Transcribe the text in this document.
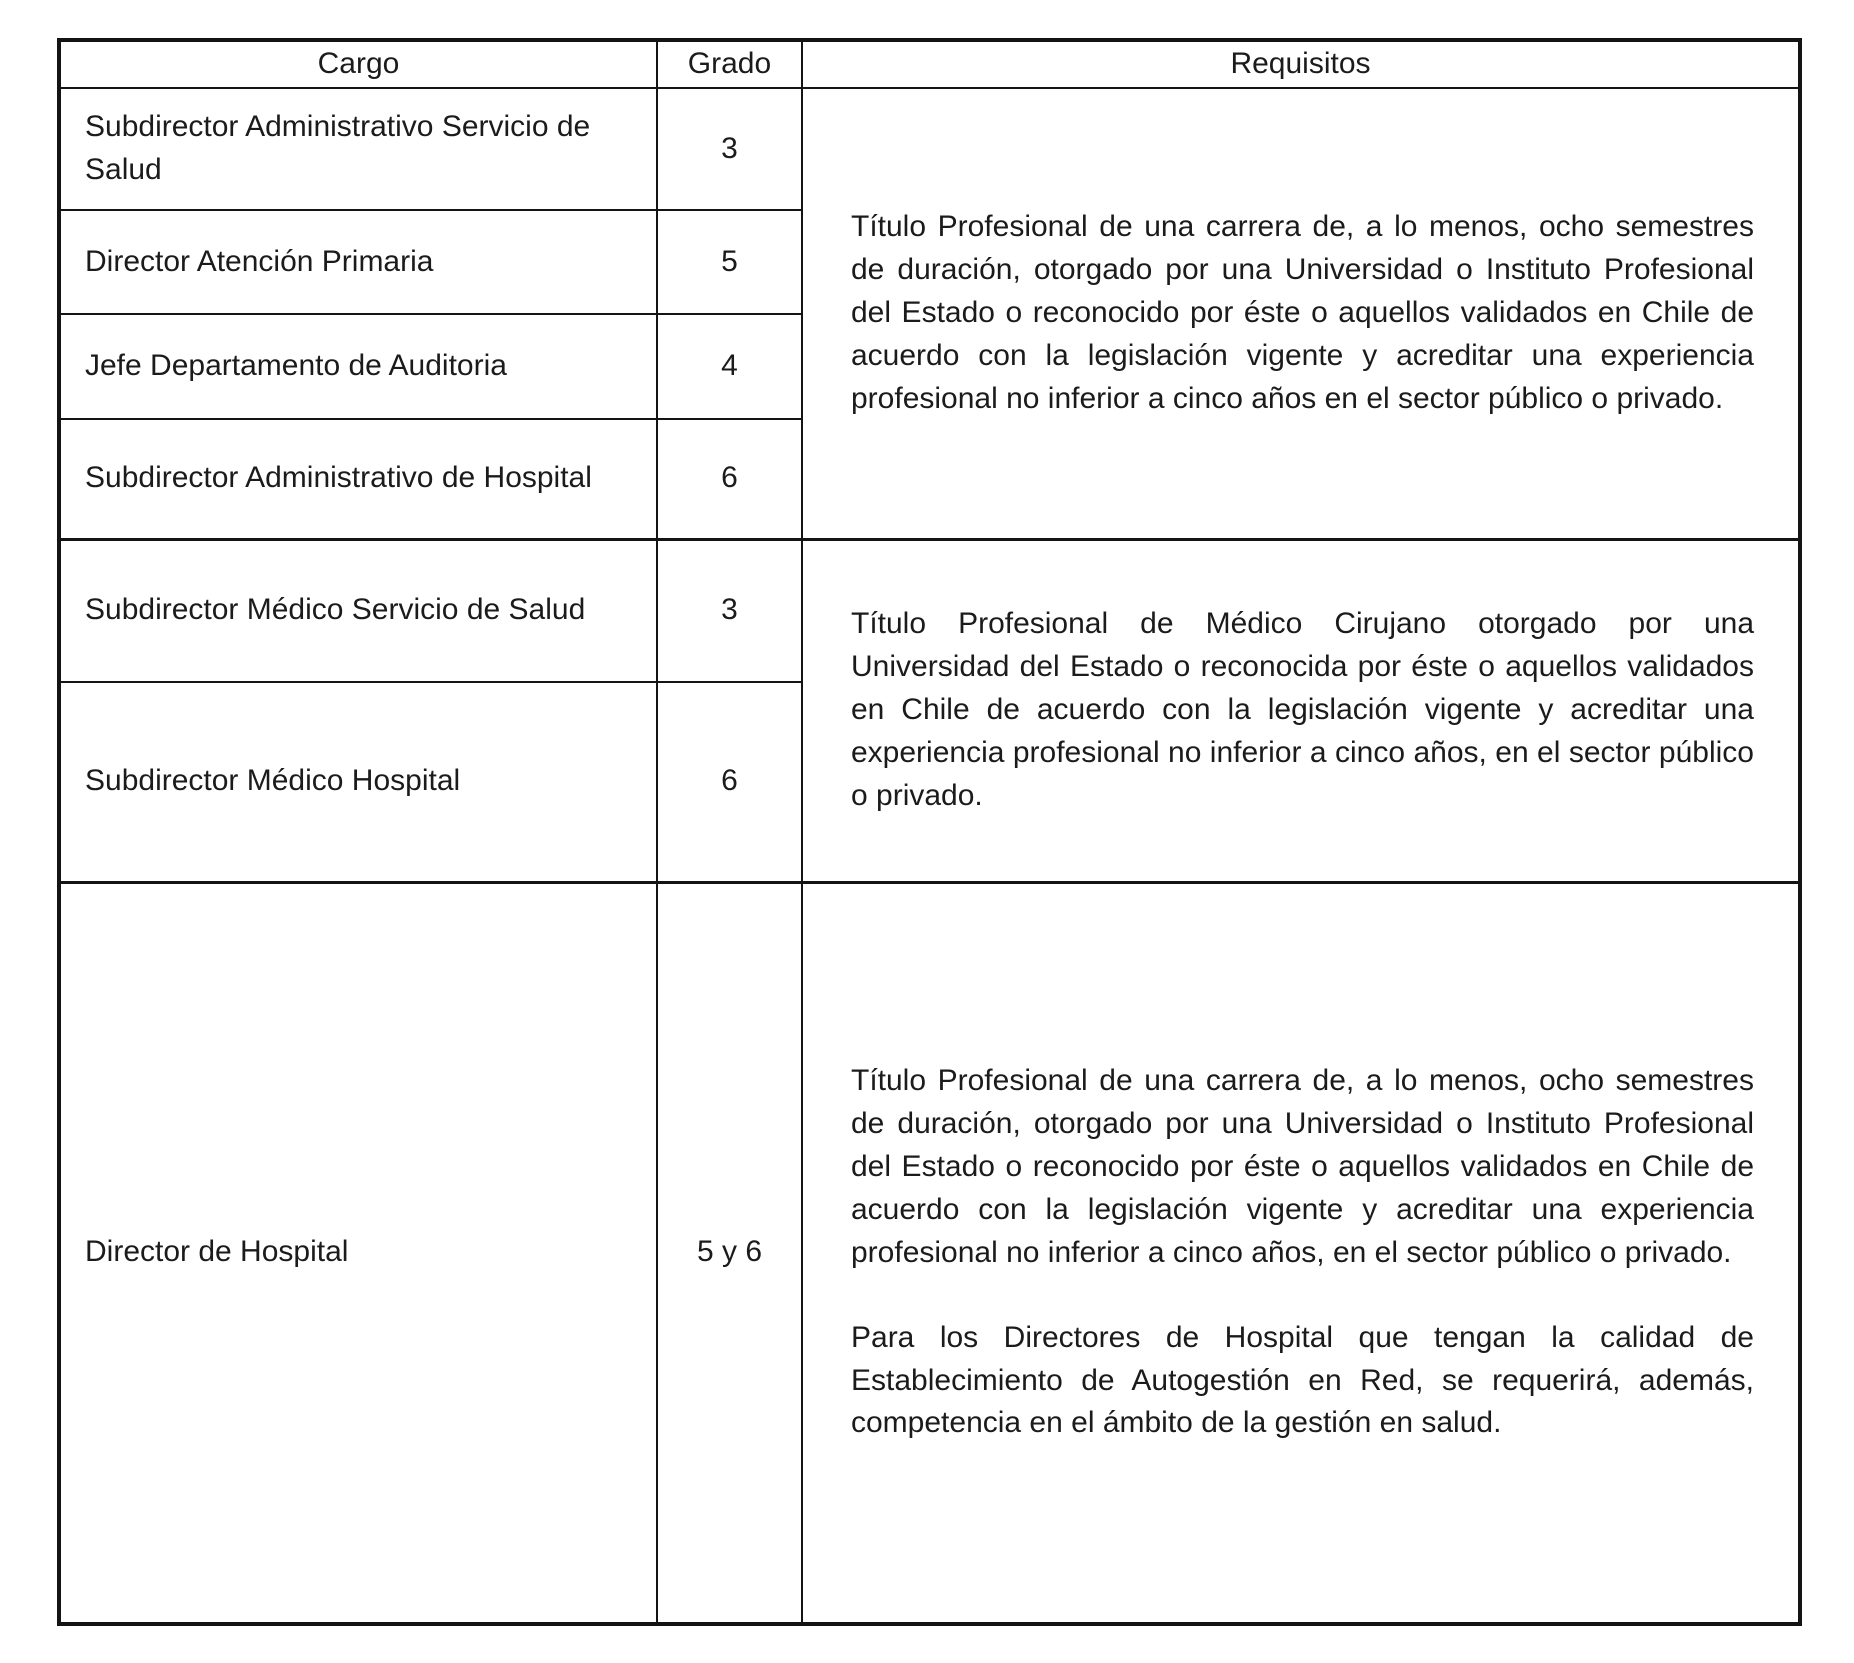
Cargo	Grado	Requisitos
Subdirector Administrativo Servicio de Salud	3	Título Profesional de una carrera de, a lo menos, ocho semestres de duración, otorgado por una Universidad o Instituto Profesional del Estado o reconocido por éste o aquellos validados en Chile de acuerdo con la legislación vigente y acreditar una experiencia profesional no inferior a cinco años en el sector público o privado.

Director Atención Primaria	5	
Jefe Departamento de Auditoria	4	
Subdirector Administrativo de Hospital	6	
Subdirector Médico Servicio de Salud	3	Título Profesional de Médico Cirujano otorgado por una Universidad del Estado o reconocida por éste o aquellos validados en Chile de acuerdo con la legislación vigente y acreditar una experiencia profesional no inferior a cinco años, en el sector público o privado.

Subdirector Médico Hospital	6	
Director de Hospital	5 y 6	Título Profesional de una carrera de, a lo menos, ocho semestres de duración, otorgado por una Universidad o Instituto Profesional del Estado o reconocido por éste o aquellos validados en Chile de acuerdo con la legislación vigente y acreditar una experiencia profesional no inferior a cinco años, en el sector público o privado.

Para los Directores de Hospital que tengan la calidad de Establecimiento de Autogestión en Red, se requerirá, además, competencia en el ámbito de la gestión en salud.
